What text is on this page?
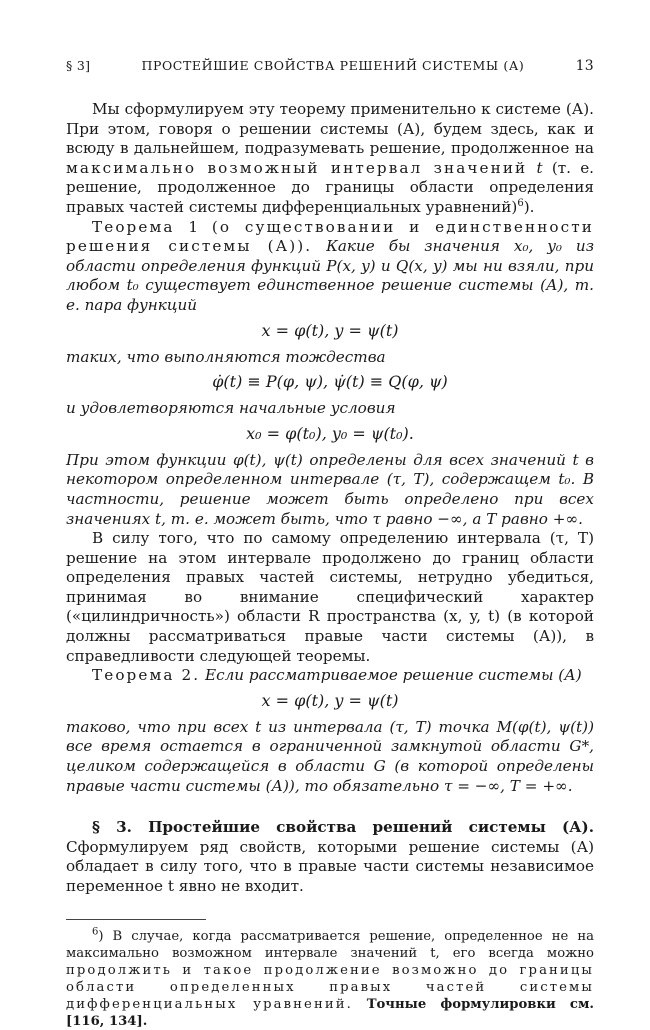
§ 3]	ПРОСТЕЙШИЕ СВОЙСТВА РЕШЕНИЙ СИСТЕМЫ (А)	13

Мы сформулируем эту теорему применительно к системе (А). При этом, говоря о решении системы (А), будем здесь, как и всюду в дальнейшем, подразумевать решение, продолженное на максимально возможный интервал значений t (т. е. решение, продолженное до границы области определения правых частей системы дифференциальных уравнений)$^6$).

Теорема 1 (о существовании и единственности решения системы (А)). Какие бы значения x₀, y₀ из области определения функций P(x, y) и Q(x, y) мы ни взяли, при любом t₀ существует единственное решение системы (А), т. е. пара функций

x = φ(t), y = ψ(t)

таких, что выполняются тождества

φ̇(t) ≡ P(φ, ψ), ψ̇(t) ≡ Q(φ, ψ)

и удовлетворяются начальные условия

x₀ = φ(t₀), y₀ = ψ(t₀).

При этом функции φ(t), ψ(t) определены для всех значений t в некотором определенном интервале (τ, T), содержащем t₀. В частности, решение может быть определено при всех значениях t, т. е. может быть, что τ равно −∞, а T равно +∞.

В силу того, что по самому определению интервала (τ, T) решение на этом интервале продолжено до границ области определения правых частей системы, нетрудно убедиться, принимая во внимание специфический характер («цилиндричность») области R пространства (x, y, t) (в которой должны рассматриваться правые части системы (А)), в справедливости следующей теоремы.

Теорема 2. Если рассматриваемое решение системы (А)

x = φ(t), y = ψ(t)

таково, что при всех t из интервала (τ, T) точка M(φ(t), ψ(t)) все время остается в ограниченной замкнутой области G*, целиком содержащейся в области G (в которой определены правые части системы (А)), то обязательно τ = −∞, T = +∞.

§ 3. Простейшие свойства решений системы (А). Сформулируем ряд свойств, которыми решение системы (А) обладает в силу того, что в правые части системы независимое переменное t явно не входит.

$^6$) В случае, когда рассматривается решение, определенное не на максимально возможном интервале значений t, его всегда можно продолжить и такое продолжение возможно до границы области определенных правых частей системы дифференциальных уравнений. Точные формулировки см. [116, 134].
